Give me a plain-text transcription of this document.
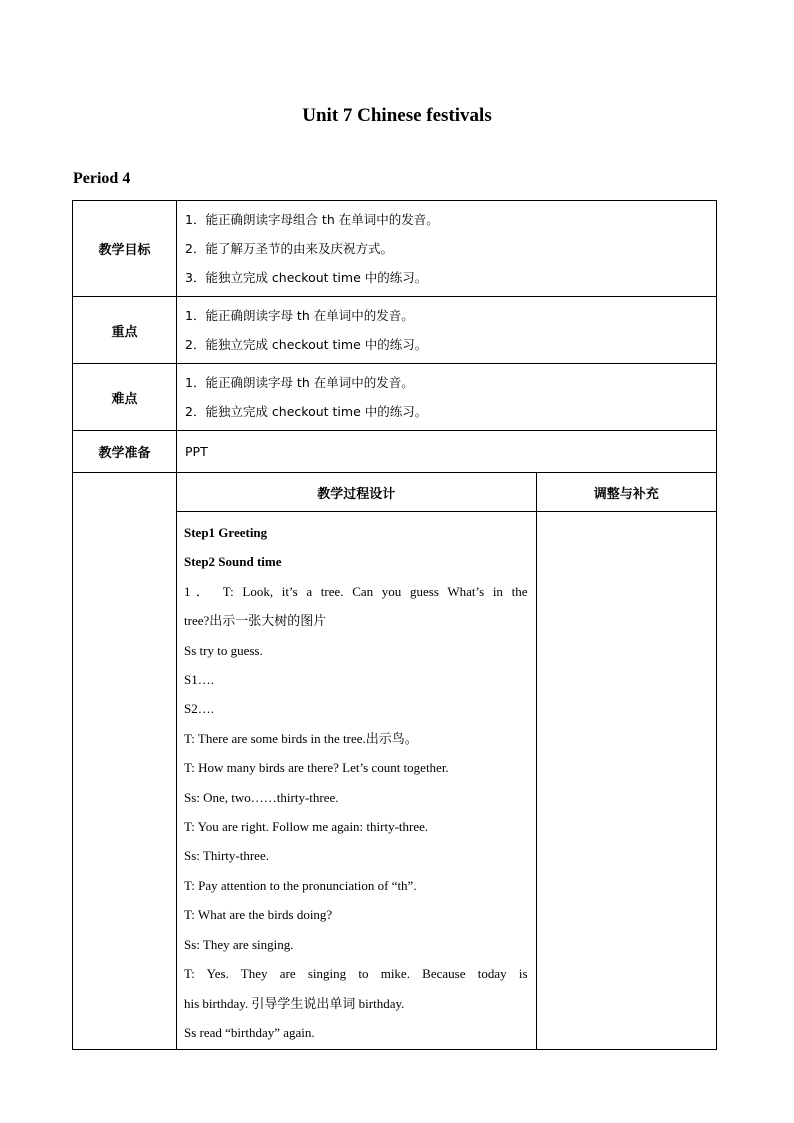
Unit 7 Chinese festivals
Period 4
教学目标	
1．能正确朗读字母组合 th 在单词中的发音。
2．能了解万圣节的由来及庆祝方式。
3．能独立完成 checkout time 中的练习。

重点	
1．能正确朗读字母 th 在单词中的发音。
2．能独立完成 checkout time 中的练习。

难点	
1．能正确朗读字母 th 在单词中的发音。
2．能独立完成 checkout time 中的练习。

教学准备	PPT

教学过程设计	调整与补充

Step1 Greeting

Step2 Sound time

1． T: Look, it’s a tree. Can you guess What’s in the

tree?出示一张大树的图片

Ss try to guess.

S1….

S2….

T: There are some birds in the tree.出示鸟。

T: How many birds are there? Let’s count together.

Ss: One, two……thirty-three.

T: You are right. Follow me again: thirty-three.

Ss: Thirty-three.

T: Pay attention to the pronunciation of “th”.

T: What are the birds doing?

Ss: They are singing.

T: Yes. They are singing to mike. Because today is

his birthday. 引导学生说出单词 birthday.

Ss read “birthday” again.
